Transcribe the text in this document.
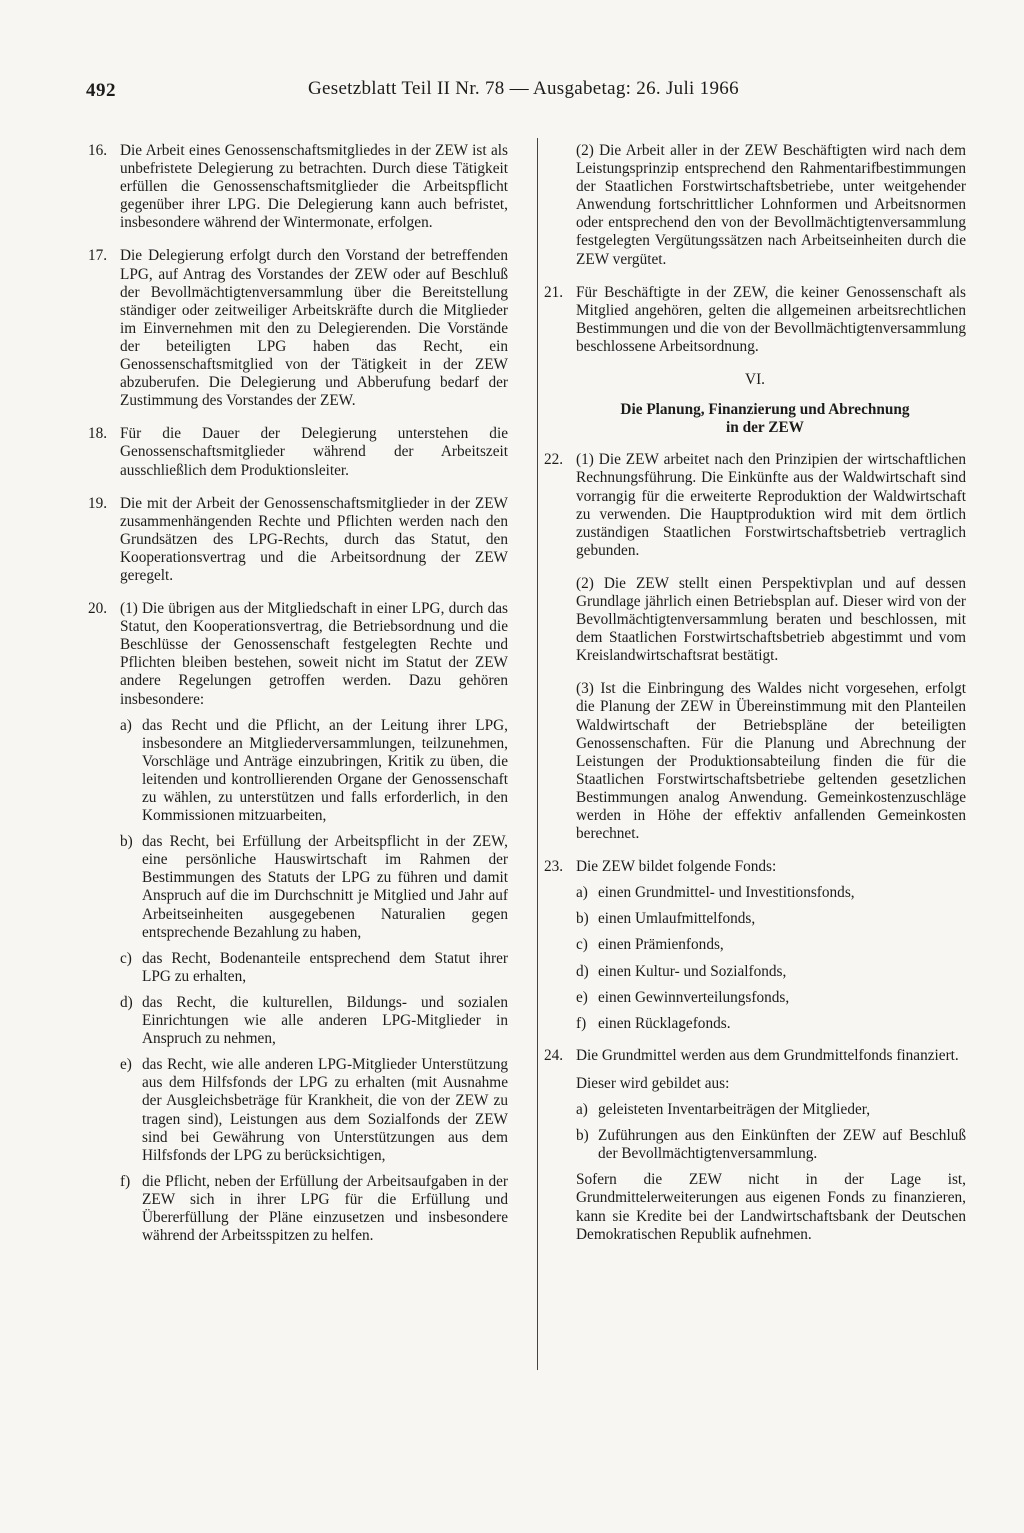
492	Gesetzblatt Teil II Nr. 78 — Ausgabetag: 26. Juli 1966
16. Die Arbeit eines Genossenschaftsmitgliedes in der ZEW ist als unbefristete Delegierung zu betrachten. Durch diese Tätigkeit erfüllen die Genossenschaftsmitglieder die Arbeitspflicht gegenüber ihrer LPG. Die Delegierung kann auch befristet, insbesondere während der Wintermonate, erfolgen.
17. Die Delegierung erfolgt durch den Vorstand der betreffenden LPG, auf Antrag des Vorstandes der ZEW oder auf Beschluß der Bevollmächtigtenversammlung über die Bereitstellung ständiger oder zeitweiliger Arbeitskräfte durch die Mitglieder im Einvernehmen mit den zu Delegierenden. Die Vorstände der beteiligten LPG haben das Recht, ein Genossenschaftsmitglied von der Tätigkeit in der ZEW abzuberufen. Die Delegierung und Abberufung bedarf der Zustimmung des Vorstandes der ZEW.
18. Für die Dauer der Delegierung unterstehen die Genossenschaftsmitglieder während der Arbeitszeit ausschließlich dem Produktionsleiter.
19. Die mit der Arbeit der Genossenschaftsmitglieder in der ZEW zusammenhängenden Rechte und Pflichten werden nach den Grundsätzen des LPG-Rechts, durch das Statut, den Kooperationsvertrag und die Arbeitsordnung der ZEW geregelt.
20. (1) Die übrigen aus der Mitgliedschaft in einer LPG, durch das Statut, den Kooperationsvertrag, die Betriebsordnung und die Beschlüsse der Genossenschaft festgelegten Rechte und Pflichten bleiben bestehen, soweit nicht im Statut der ZEW andere Regelungen getroffen werden. Dazu gehören insbesondere:
a) das Recht und die Pflicht, an der Leitung ihrer LPG, insbesondere an Mitgliederversammlungen, teilzunehmen, Vorschläge und Anträge einzubringen, Kritik zu üben, die leitenden und kontrollierenden Organe der Genossenschaft zu wählen, zu unterstützen und falls erforderlich, in den Kommissionen mitzuarbeiten,
b) das Recht, bei Erfüllung der Arbeitspflicht in der ZEW, eine persönliche Hauswirtschaft im Rahmen der Bestimmungen des Statuts der LPG zu führen und damit Anspruch auf die im Durchschnitt je Mitglied und Jahr auf Arbeitseinheiten ausgegebenen Naturalien gegen entsprechende Bezahlung zu haben,
c) das Recht, Bodenanteile entsprechend dem Statut ihrer LPG zu erhalten,
d) das Recht, die kulturellen, Bildungs- und sozialen Einrichtungen wie alle anderen LPG-Mitglieder in Anspruch zu nehmen,
e) das Recht, wie alle anderen LPG-Mitglieder Unterstützung aus dem Hilfsfonds der LPG zu erhalten (mit Ausnahme der Ausgleichsbeträge für Krankheit, die von der ZEW zu tragen sind), Leistungen aus dem Sozialfonds der ZEW sind bei Gewährung von Unterstützungen aus dem Hilfsfonds der LPG zu berücksichtigen,
f) die Pflicht, neben der Erfüllung der Arbeitsaufgaben in der ZEW sich in ihrer LPG für die Erfüllung und Übererfüllung der Pläne einzusetzen und insbesondere während der Arbeitsspitzen zu helfen.
(2) Die Arbeit aller in der ZEW Beschäftigten wird nach dem Leistungsprinzip entsprechend den Rahmentarifbestimmungen der Staatlichen Forstwirtschaftsbetriebe, unter weitgehender Anwendung fortschrittlicher Lohnformen und Arbeitsnormen oder entsprechend den von der Bevollmächtigtenversammlung festgelegten Vergütungssätzen nach Arbeitseinheiten durch die ZEW vergütet.
21. Für Beschäftigte in der ZEW, die keiner Genossenschaft als Mitglied angehören, gelten die allgemeinen arbeitsrechtlichen Bestimmungen und die von der Bevollmächtigtenversammlung beschlossene Arbeitsordnung.
VI.
Die Planung, Finanzierung und Abrechnung
in der ZEW
22. (1) Die ZEW arbeitet nach den Prinzipien der wirtschaftlichen Rechnungsführung. Die Einkünfte aus der Waldwirtschaft sind vorrangig für die erweiterte Reproduktion der Waldwirtschaft zu verwenden. Die Hauptproduktion wird mit dem örtlich zuständigen Staatlichen Forstwirtschaftsbetrieb vertraglich gebunden.
(2) Die ZEW stellt einen Perspektivplan und auf dessen Grundlage jährlich einen Betriebsplan auf. Dieser wird von der Bevollmächtigtenversammlung beraten und beschlossen, mit dem Staatlichen Forstwirtschaftsbetrieb abgestimmt und vom Kreislandwirtschaftsrat bestätigt.
(3) Ist die Einbringung des Waldes nicht vorgesehen, erfolgt die Planung der ZEW in Übereinstimmung mit den Planteilen Waldwirtschaft der Betriebspläne der beteiligten Genossenschaften. Für die Planung und Abrechnung der Leistungen der Produktionsabteilung finden die für die Staatlichen Forstwirtschaftsbetriebe geltenden gesetzlichen Bestimmungen analog Anwendung. Gemeinkostenzuschläge werden in Höhe der effektiv anfallenden Gemeinkosten berechnet.
23. Die ZEW bildet folgende Fonds:
a) einen Grundmittel- und Investitionsfonds,
b) einen Umlaufmittelfonds,
c) einen Prämienfonds,
d) einen Kultur- und Sozialfonds,
e) einen Gewinnverteilungsfonds,
f) einen Rücklagefonds.
24. Die Grundmittel werden aus dem Grundmittelfonds finanziert.
Dieser wird gebildet aus:
a) geleisteten Inventarbeiträgen der Mitglieder,
b) Zuführungen aus den Einkünften der ZEW auf Beschluß der Bevollmächtigtenversammlung.
Sofern die ZEW nicht in der Lage ist, Grundmittelerweiterungen aus eigenen Fonds zu finanzieren, kann sie Kredite bei der Landwirtschaftsbank der Deutschen Demokratischen Republik aufnehmen.
